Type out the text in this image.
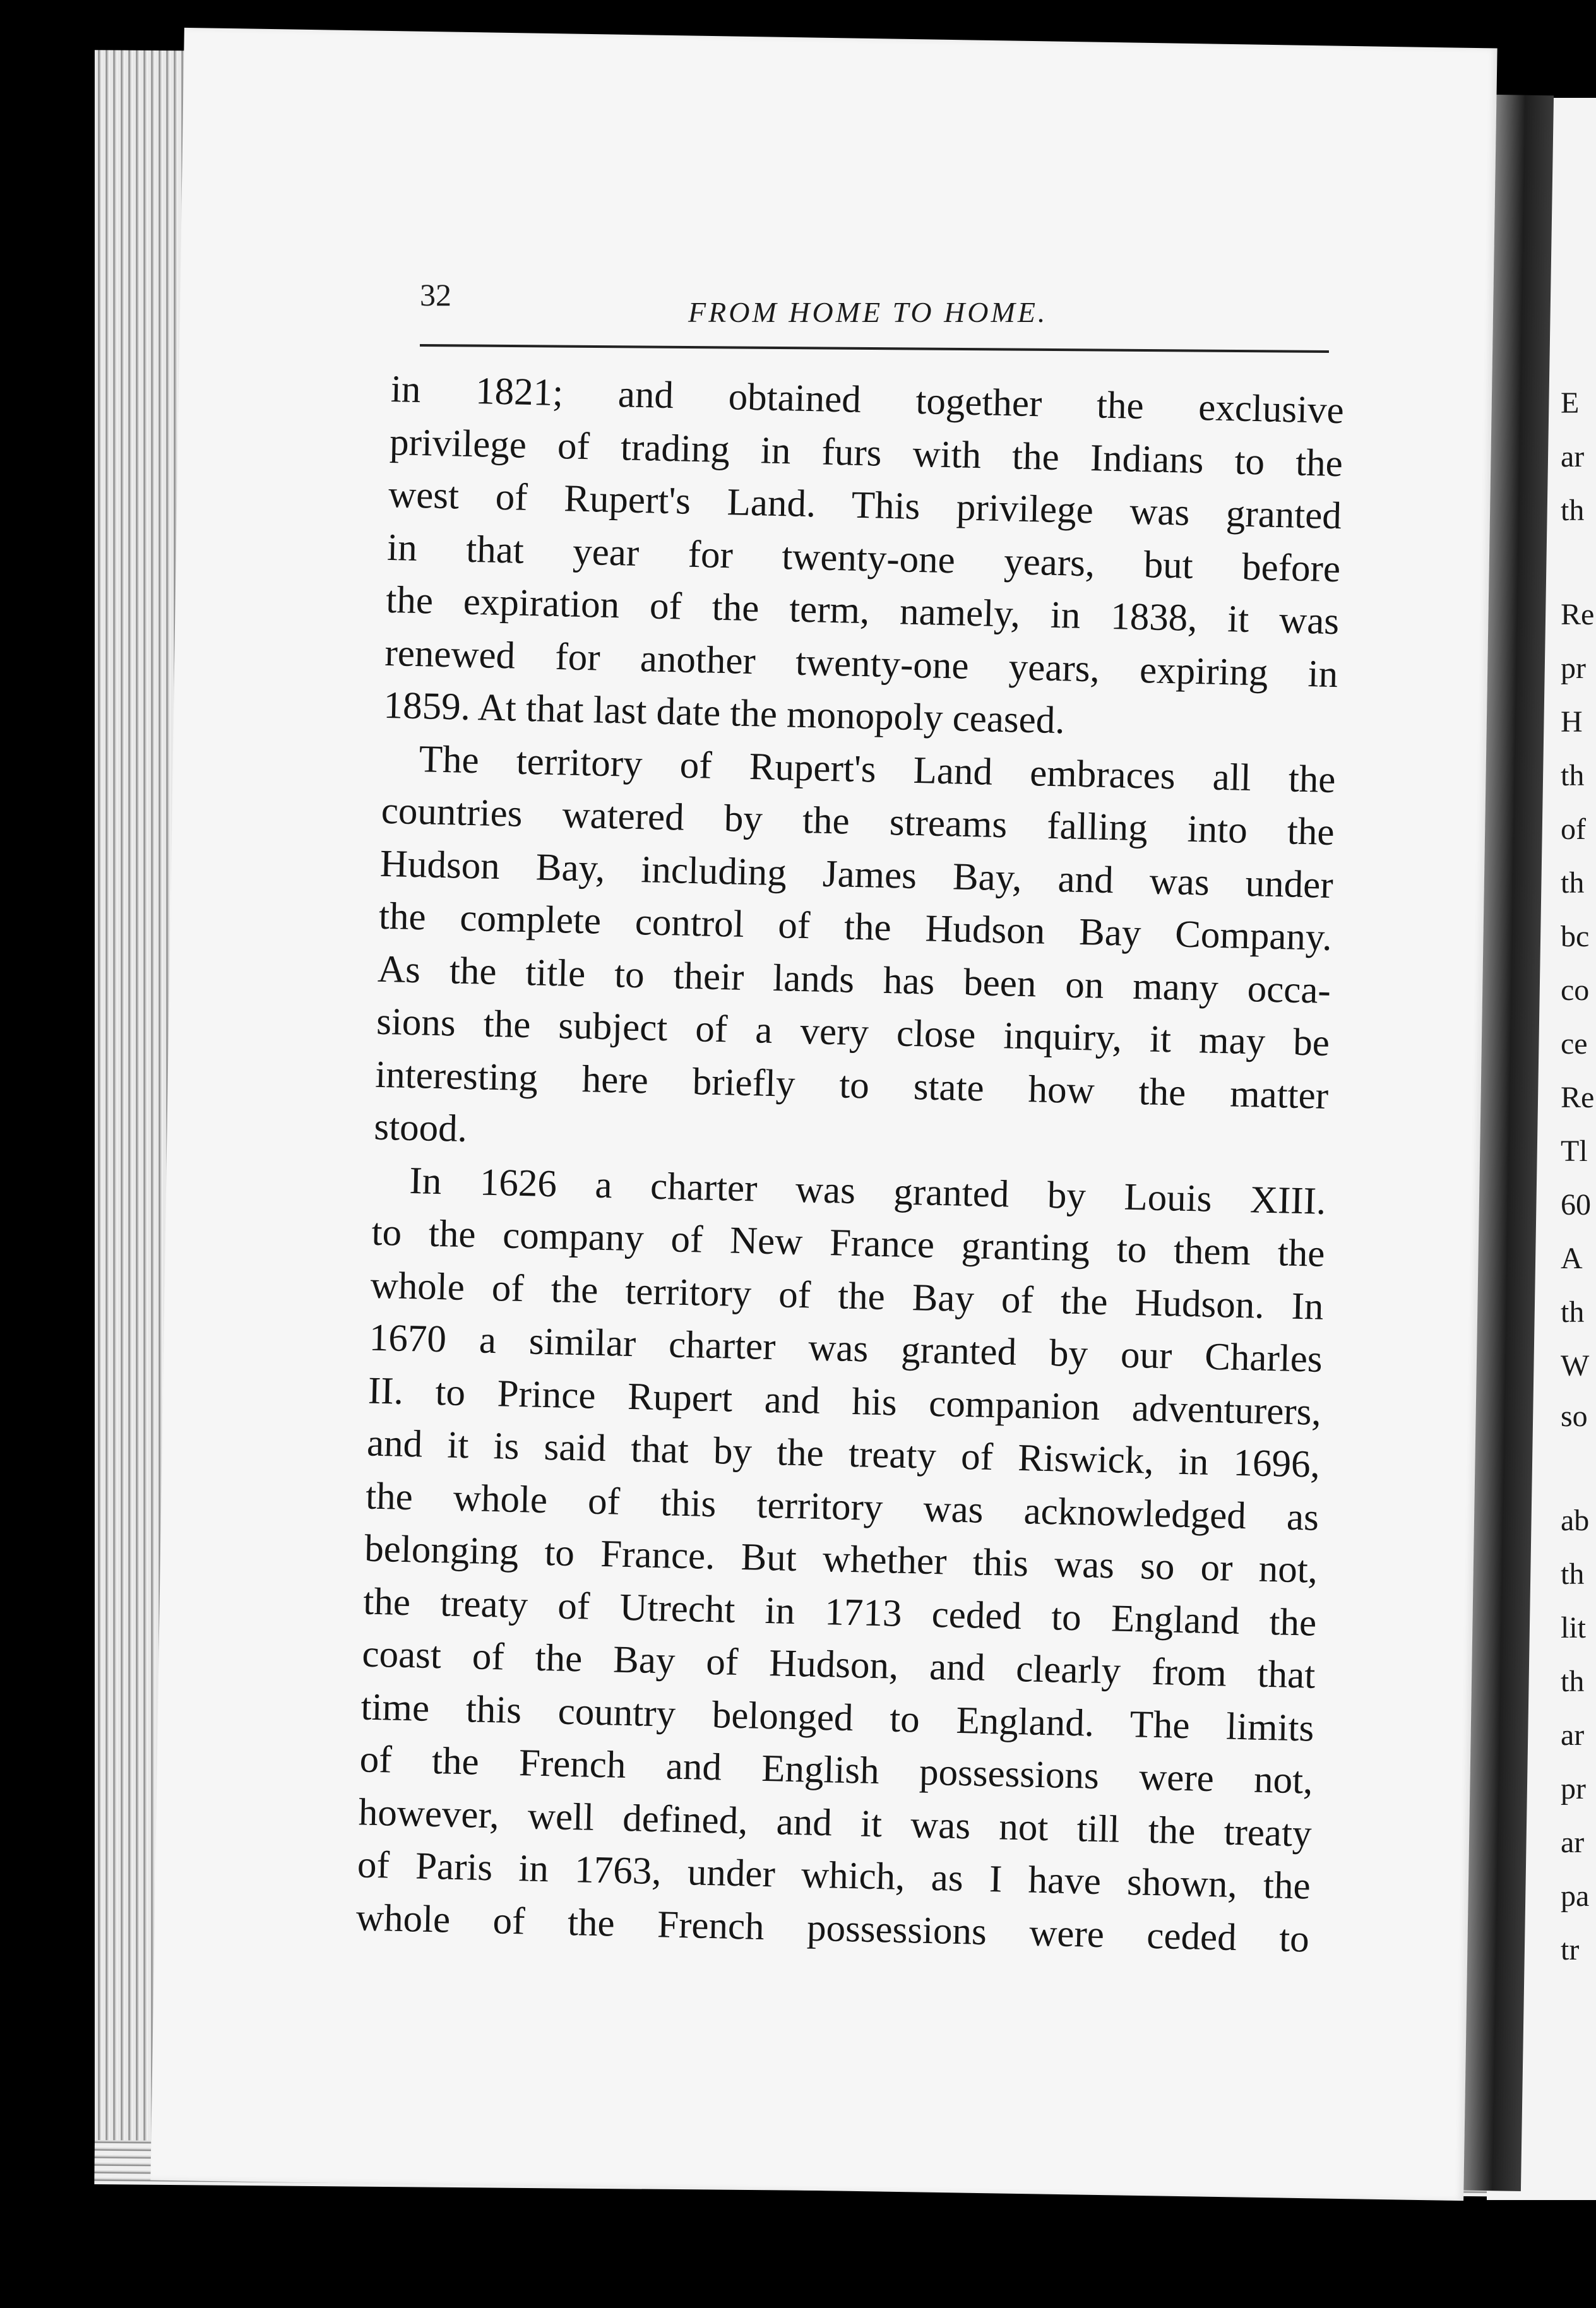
32	FROM HOME TO HOME.
in 1821; and obtained together the exclusive
privilege of trading in furs with the Indians to the
west of Rupert's Land. This privilege was granted
in that year for twenty-one years, but before
the expiration of the term, namely, in 1838, it was
renewed for another twenty-one years, expiring in
1859. At that last date the monopoly ceased.
The territory of Rupert's Land embraces all the
countries watered by the streams falling into the
Hudson Bay, including James Bay, and was under
the complete control of the Hudson Bay Company.
As the title to their lands has been on many occa-
sions the subject of a very close inquiry, it may be
interesting here briefly to state how the matter
stood.
In 1626 a charter was granted by Louis XIII.
to the company of New France granting to them the
whole of the territory of the Bay of the Hudson. In
1670 a similar charter was granted by our Charles
II. to Prince Rupert and his companion adventurers,
and it is said that by the treaty of Riswick, in 1696,
the whole of this territory was acknowledged as
belonging to France. But whether this was so or not,
the treaty of Utrecht in 1713 ceded to England the
coast of the Bay of Hudson, and clearly from that
time this country belonged to England. The limits
of the French and English possessions were not,
however, well defined, and it was not till the treaty
of Paris in 1763, under which, as I have shown, the
whole of the French possessions were ceded to
E
ar
th
Re
pr
H
th
of
th
bc
co
ce
Re
Tl
60
A
th
W
so
ab
th
lit
th
ar
pr
ar
pa
tr
